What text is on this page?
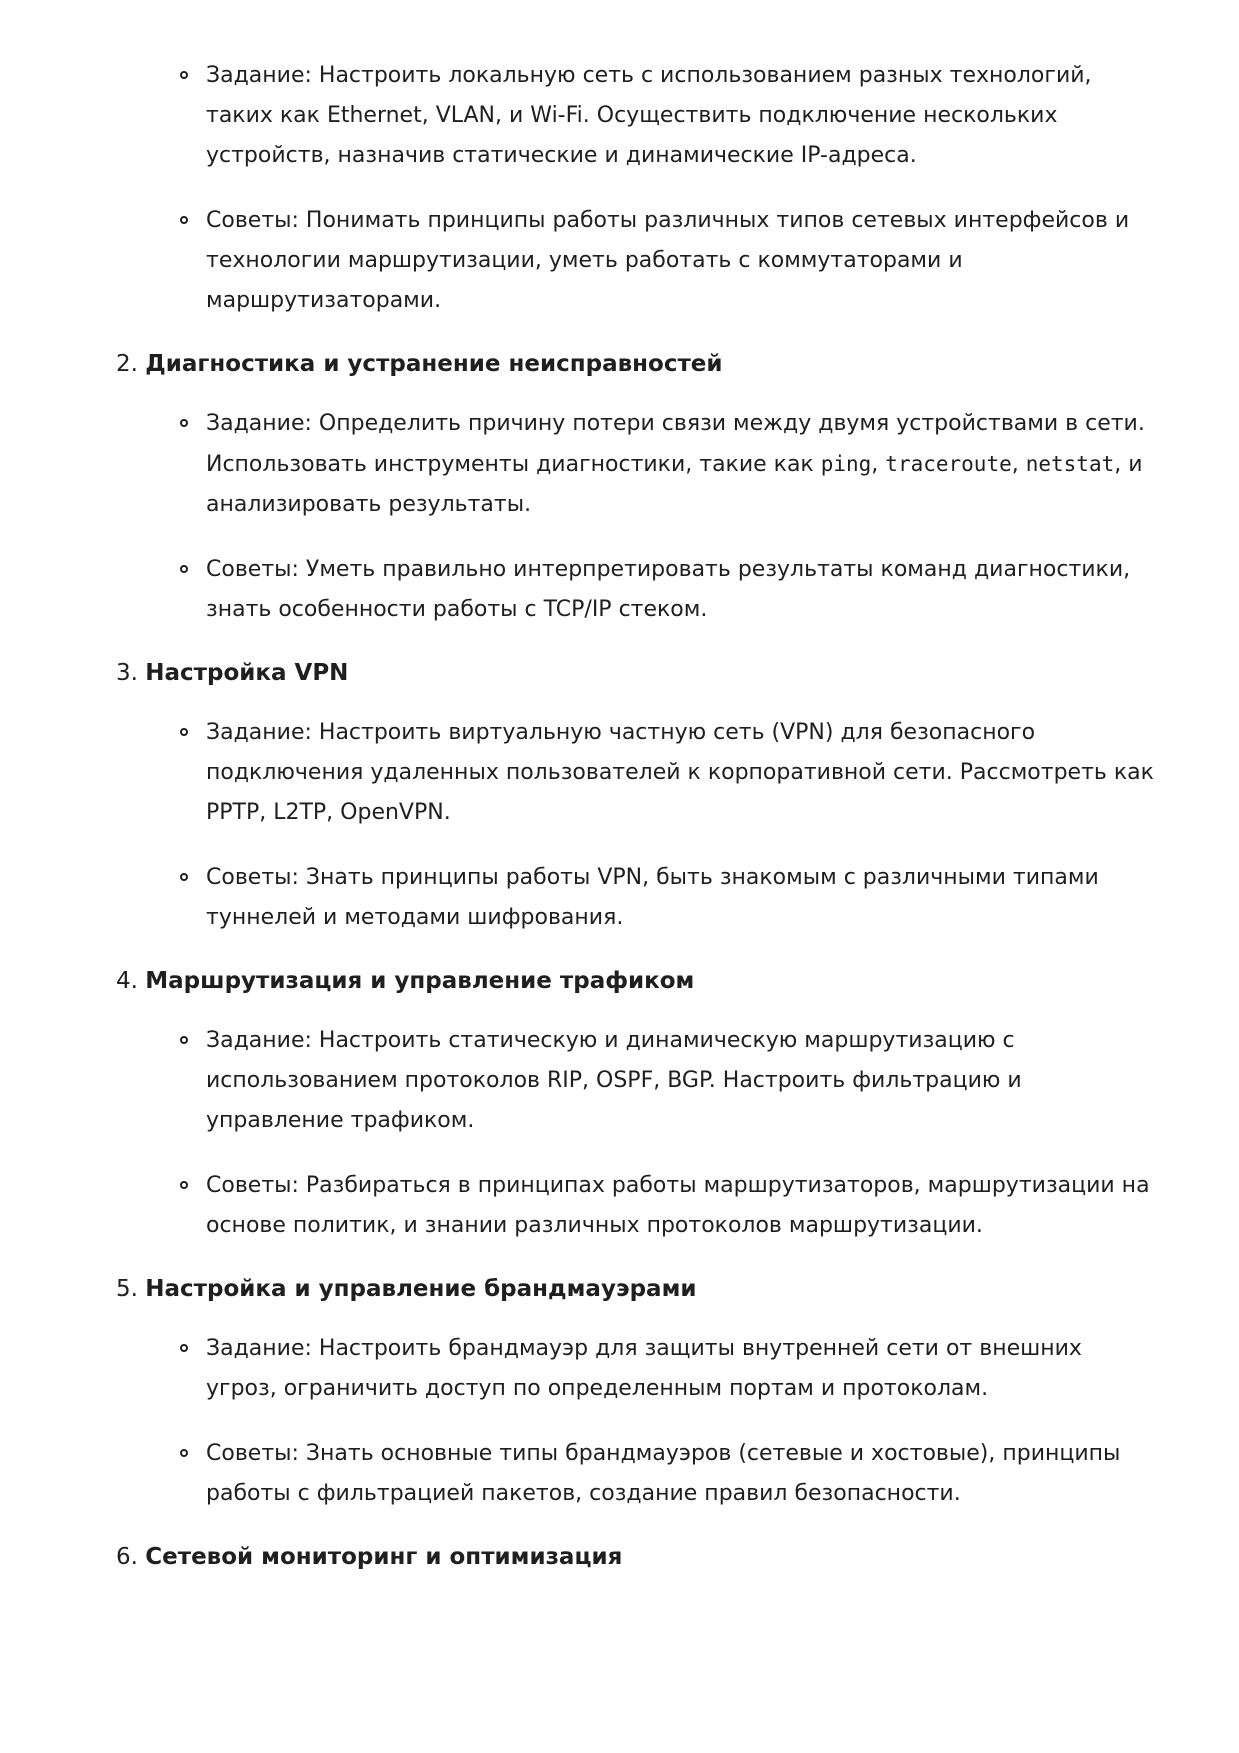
Задание: Настроить локальную сеть с использованием разных технологий, таких как Ethernet, VLAN, и Wi-Fi. Осуществить подключение нескольких устройств, назначив статические и динамические IP-адреса.
Советы: Понимать принципы работы различных типов сетевых интерфейсов и технологии маршрутизации, уметь работать с коммутаторами и маршрутизаторами.
2. Диагностика и устранение неисправностей
Задание: Определить причину потери связи между двумя устройствами в сети. Использовать инструменты диагностики, такие как ping, traceroute, netstat, и анализировать результаты.
Советы: Уметь правильно интерпретировать результаты команд диагностики, знать особенности работы с TCP/IP стеком.
3. Настройка VPN
Задание: Настроить виртуальную частную сеть (VPN) для безопасного подключения удаленных пользователей к корпоративной сети. Рассмотреть как PPTP, L2TP, OpenVPN.
Советы: Знать принципы работы VPN, быть знакомым с различными типами туннелей и методами шифрования.
4. Маршрутизация и управление трафиком
Задание: Настроить статическую и динамическую маршрутизацию с использованием протоколов RIP, OSPF, BGP. Настроить фильтрацию и управление трафиком.
Советы: Разбираться в принципах работы маршрутизаторов, маршрутизации на основе политик, и знании различных протоколов маршрутизации.
5. Настройка и управление брандмауэрами
Задание: Настроить брандмауэр для защиты внутренней сети от внешних угроз, ограничить доступ по определенным портам и протоколам.
Советы: Знать основные типы брандмауэров (сетевые и хостовые), принципы работы с фильтрацией пакетов, создание правил безопасности.
6. Сетевой мониторинг и оптимизация
